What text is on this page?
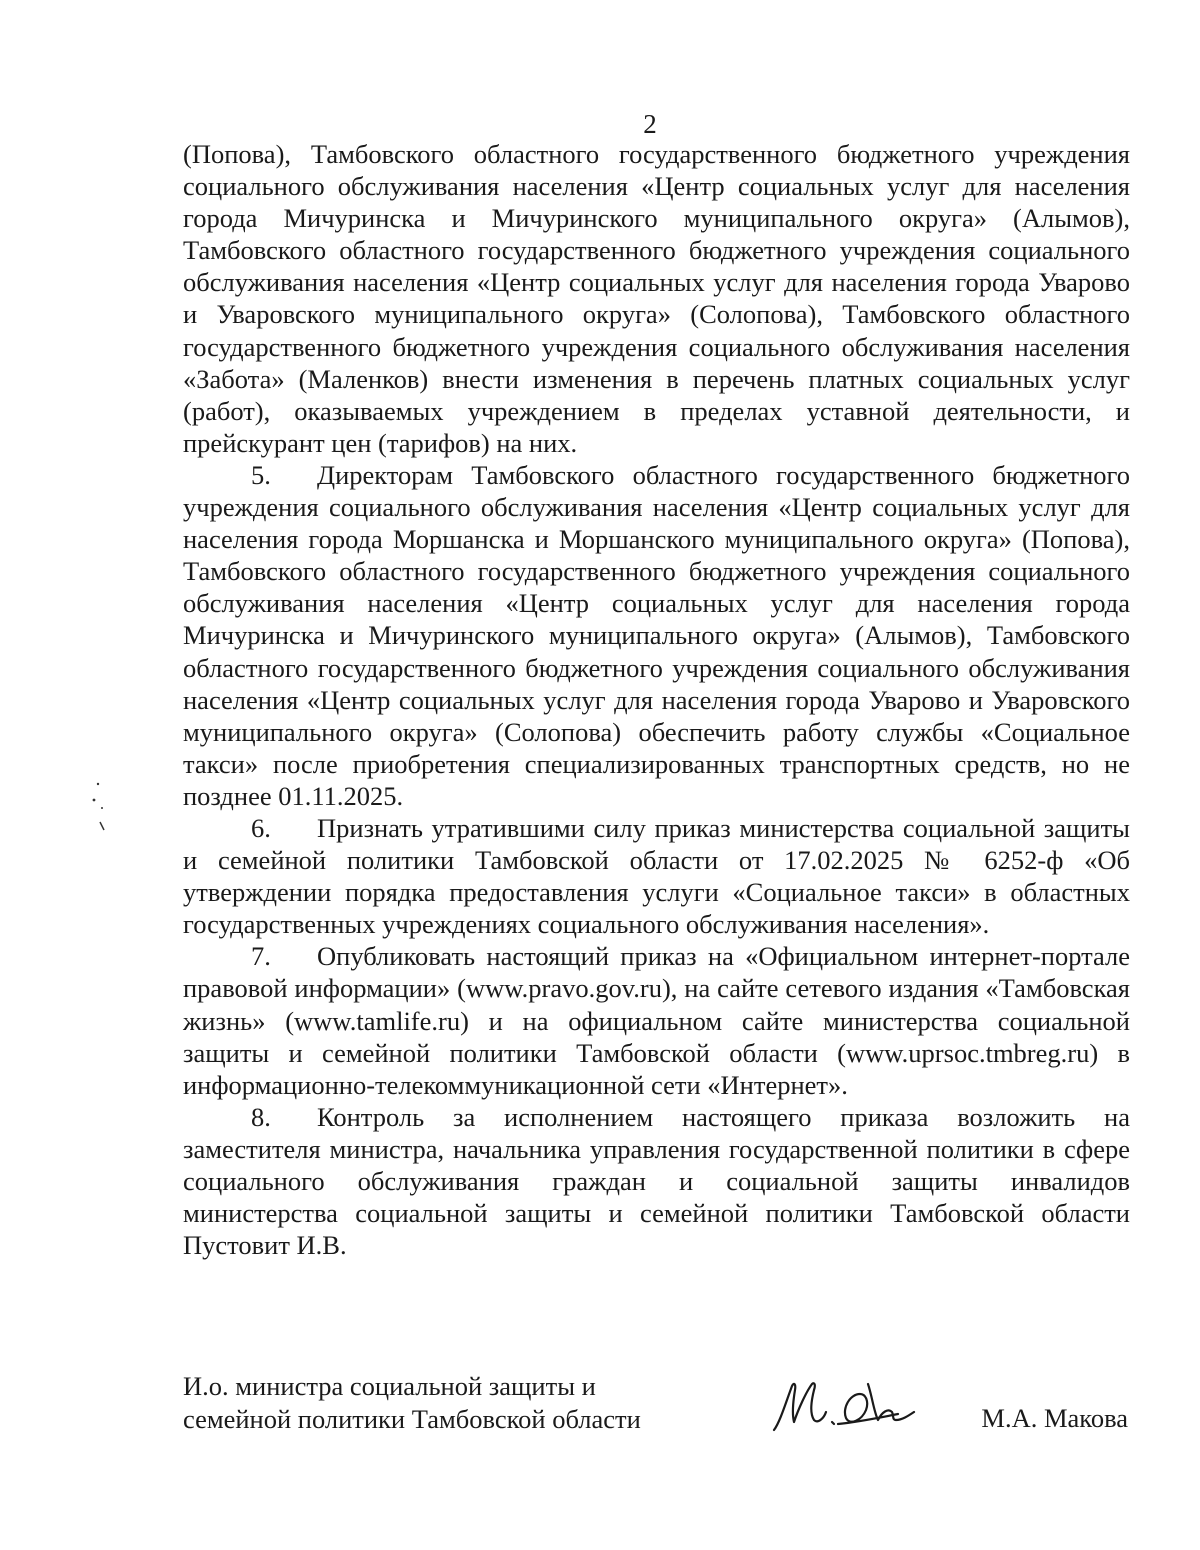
2

(Попова), Тамбовского областного государственного бюджетного учреждения социального обслуживания населения «Центр социальных услуг для населения города Мичуринска и Мичуринского муниципального округа» (Алымов), Тамбовского областного государственного бюджетного учреждения социального обслуживания населения «Центр социальных услуг для населения города Уварово и Уваровского муниципального округа» (Солопова), Тамбовского областного государственного бюджетного учреждения социального обслуживания населения «Забота» (Маленков) внести изменения в перечень платных социальных услуг (работ), оказываемых учреждением в пределах уставной деятельности, и прейскурант цен (тарифов) на них.

5. Директорам Тамбовского областного государственного бюджетного учреждения социального обслуживания населения «Центр социальных услуг для населения города Моршанска и Моршанского муниципального округа» (Попова), Тамбовского областного государственного бюджетного учреждения социального обслуживания населения «Центр социальных услуг для населения города Мичуринска и Мичуринского муниципального округа» (Алымов), Тамбовского областного государственного бюджетного учреждения социального обслуживания населения «Центр социальных услуг для населения города Уварово и Уваровского муниципального округа» (Солопова) обеспечить работу службы «Социальное такси» после приобретения специализированных транспортных средств, но не позднее 01.11.2025.

6. Признать утратившими силу приказ министерства социальной защиты и семейной политики Тамбовской области от 17.02.2025 № 6252-ф «Об утверждении порядка предоставления услуги «Социальное такси» в областных государственных учреждениях социального обслуживания населения».

7. Опубликовать настоящий приказ на «Официальном интернет-портале правовой информации» (www.pravo.gov.ru), на сайте сетевого издания «Тамбовская жизнь» (www.tamlife.ru) и на официальном сайте министерства социальной защиты и семейной политики Тамбовской области (www.uprsoc.tmbreg.ru) в информационно-телекоммуникационной сети «Интернет».

8. Контроль за исполнением настоящего приказа возложить на заместителя министра, начальника управления государственной политики в сфере социального обслуживания граждан и социальной защиты инвалидов министерства социальной защиты и семейной политики Тамбовской области Пустовит И.В.

И.о. министра социальной защиты и
семейной политики Тамбовской области	М.А. Макова
